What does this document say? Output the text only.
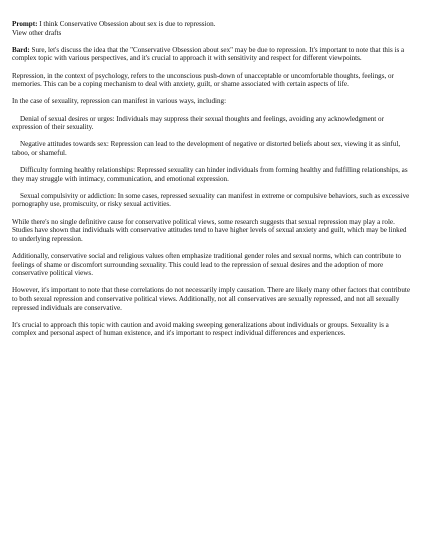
Prompt: I think Conservative Obsession about sex is due to repression.

View other drafts

Bard: Sure, let's discuss the idea that the "Conservative Obsession about sex" may be due to repression. It's important to note that this is a complex topic with various perspectives, and it's crucial to approach it with sensitivity and respect for different viewpoints.

Repression, in the context of psychology, refers to the unconscious push-down of unacceptable or uncomfortable thoughts, feelings, or memories. This can be a coping mechanism to deal with anxiety, guilt, or shame associated with certain aspects of life.

In the case of sexuality, repression can manifest in various ways, including:

Denial of sexual desires or urges: Individuals may suppress their sexual thoughts and feelings, avoiding any acknowledgment or expression of their sexuality.

Negative attitudes towards sex: Repression can lead to the development of negative or distorted beliefs about sex, viewing it as sinful, taboo, or shameful.

Difficulty forming healthy relationships: Repressed sexuality can hinder individuals from forming healthy and fulfilling relationships, as they may struggle with intimacy, communication, and emotional expression.

Sexual compulsivity or addiction: In some cases, repressed sexuality can manifest in extreme or compulsive behaviors, such as excessive pornography use, promiscuity, or risky sexual activities.

While there's no single definitive cause for conservative political views, some research suggests that sexual repression may play a role. Studies have shown that individuals with conservative attitudes tend to have higher levels of sexual anxiety and guilt, which may be linked to underlying repression.

Additionally, conservative social and religious values often emphasize traditional gender roles and sexual norms, which can contribute to feelings of shame or discomfort surrounding sexuality. This could lead to the repression of sexual desires and the adoption of more conservative political views.

However, it's important to note that these correlations do not necessarily imply causation. There are likely many other factors that contribute to both sexual repression and conservative political views. Additionally, not all conservatives are sexually repressed, and not all sexually repressed individuals are conservative.

It's crucial to approach this topic with caution and avoid making sweeping generalizations about individuals or groups. Sexuality is a complex and personal aspect of human existence, and it's important to respect individual differences and experiences.
